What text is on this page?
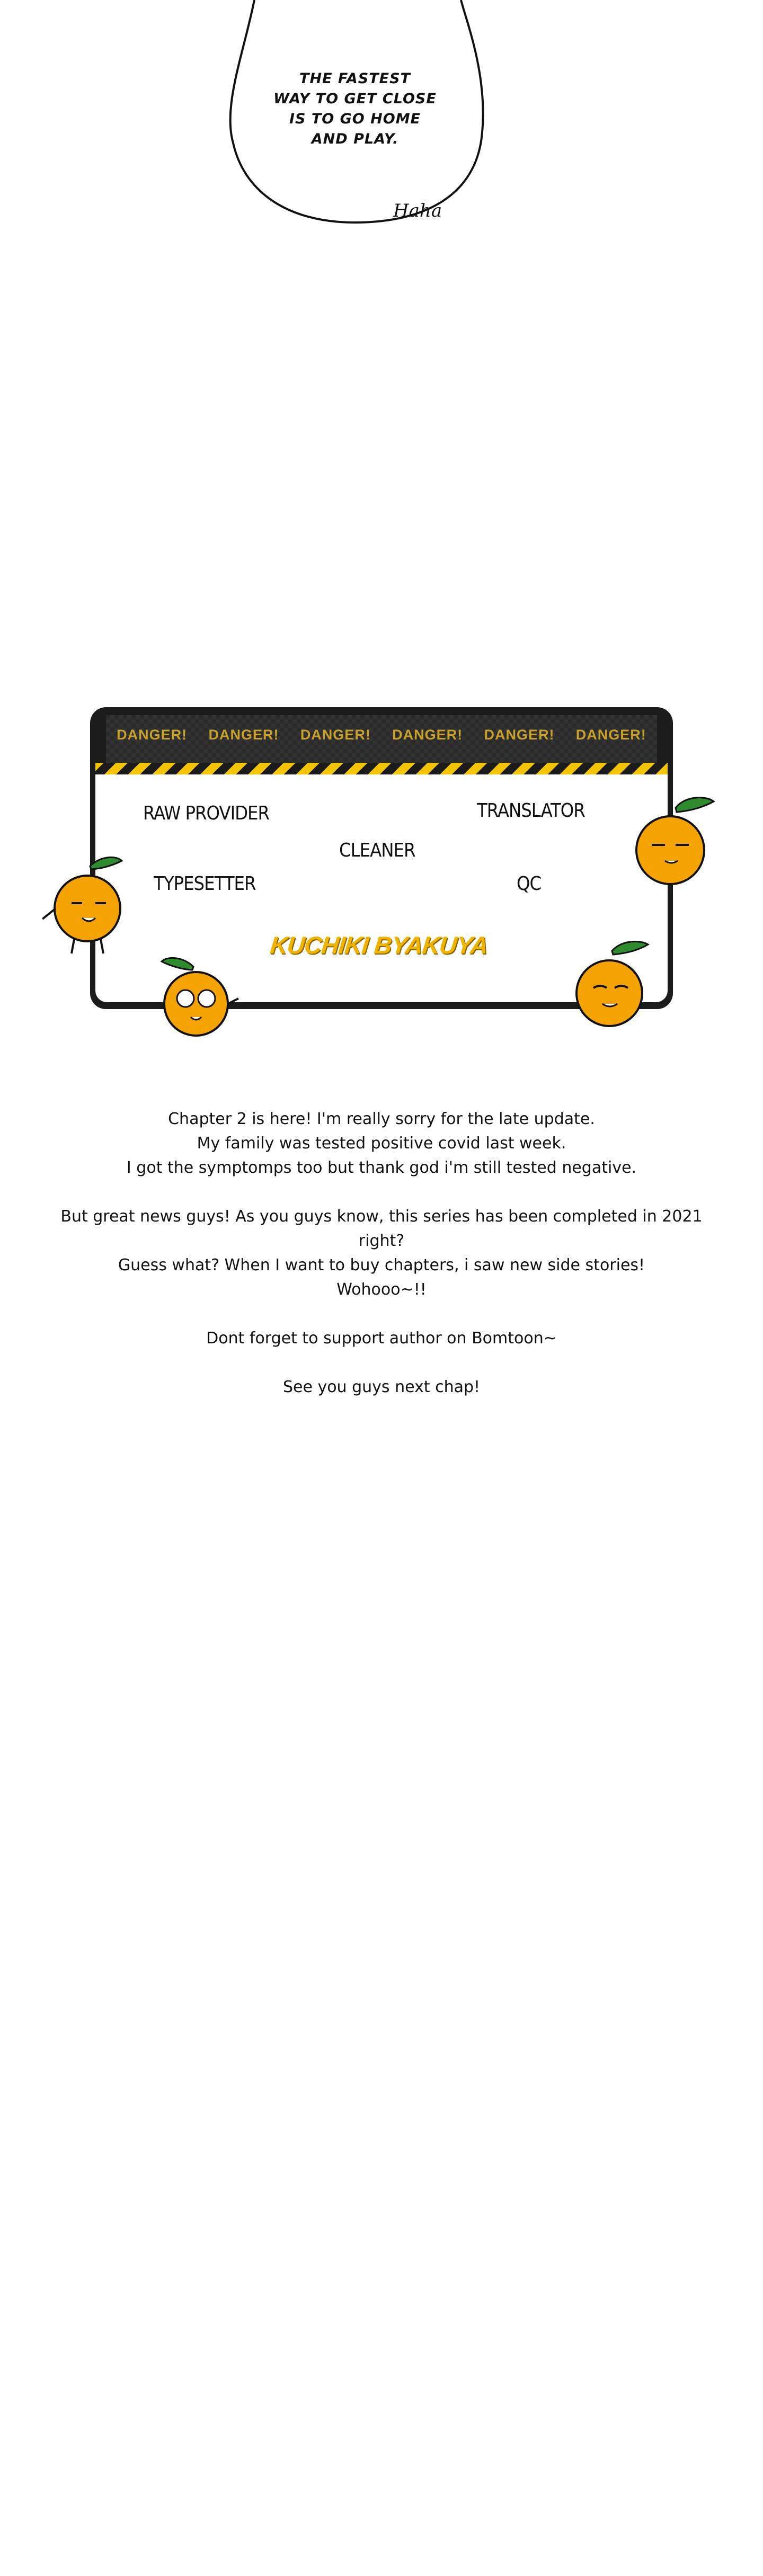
THE FASTEST
WAY TO GET CLOSE
IS TO GO HOME
AND PLAY.
Haha
DANGER! DANGER! DANGER! DANGER! DANGER! DANGER!
RAW PROVIDER	TRANSLATOR
CLEANER
TYPESETTER	QC
KUCHIKI BYAKUYA
Chapter 2 is here! I'm really sorry for the late update.
My family was tested positive covid last week.
I got the symptomps too but thank god i'm still tested negative.
But great news guys! As you guys know, this series has been completed in 2021 right?
Guess what? When I want to buy chapters, i saw new side stories!
Wohooo~!!
Dont forget to support author on Bomtoon~
See you guys next chap!
